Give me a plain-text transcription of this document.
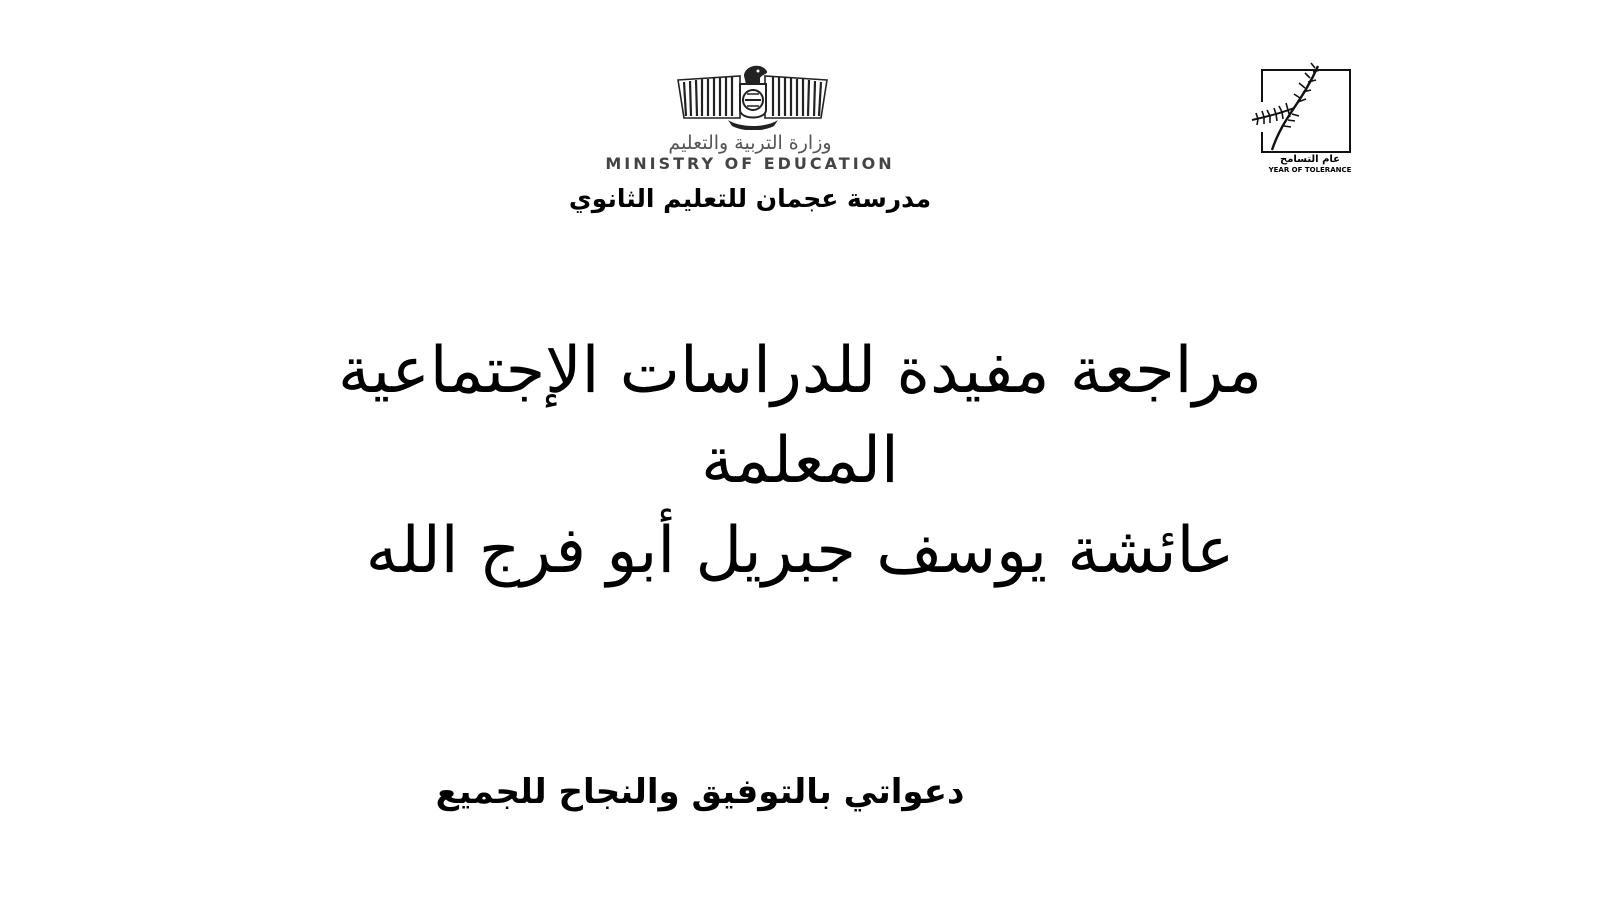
وزارة التربية والتعليم
MINISTRY OF EDUCATION
مدرسة عجمان للتعليم الثانوي
عام التسامح
YEAR OF TOLERANCE
مراجعة مفيدة للدراسات الإجتماعية
المعلمة
عائشة يوسف جبريل أبو فرج الله
دعواتي بالتوفيق والنجاح للجميع
